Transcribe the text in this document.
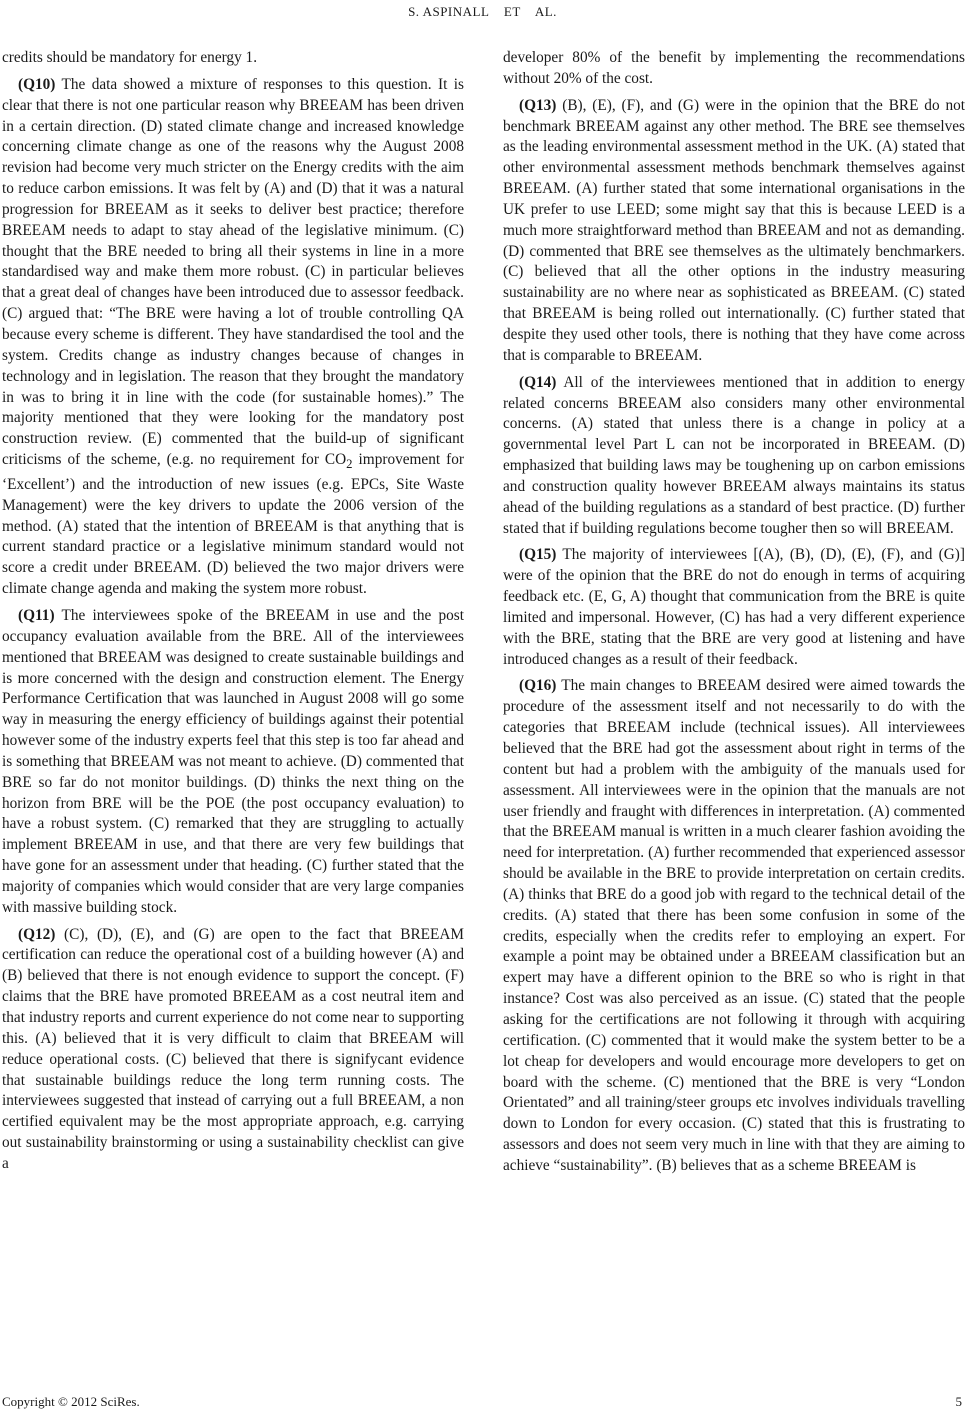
S. ASPINALL    ET    AL.

credits should be mandatory for energy 1.

(Q10) The data showed a mixture of responses to this question. It is clear that there is not one particular reason why BREEAM has been driven in a certain direction. (D) stated climate change and increased knowledge concerning climate change as one of the reasons why the August 2008 revision had become very much stricter on the Energy credits with the aim to reduce carbon emissions. It was felt by (A) and (D) that it was a natural progression for BREEAM as it seeks to deliver best practice; therefore BREEAM needs to adapt to stay ahead of the legislative minimum. (C) thought that the BRE needed to bring all their systems in line in a more standardised way and make them more robust. (C) in particular believes that a great deal of changes have been introduced due to assessor feedback. (C) argued that: “The BRE were having a lot of trouble controlling QA because every scheme is different. They have standardised the tool and the system. Credits change as industry changes because of changes in technology and in legislation. The reason that they brought the mandatory in was to bring it in line with the code (for sustainable homes).” The majority mentioned that they were looking for the mandatory post construction review. (E) commented that the build-up of significant criticisms of the scheme, (e.g. no requirement for $CO_2$ improvement for ‘Excellent’) and the introduction of new issues (e.g. EPCs, Site Waste Management) were the key drivers to update the 2006 version of the method. (A) stated that the intention of BREEAM is that anything that is current standard practice or a legislative minimum standard would not score a credit under BREEAM. (D) believed the two major drivers were climate change agenda and making the system more robust.

(Q11) The interviewees spoke of the BREEAM in use and the post occupancy evaluation available from the BRE. All of the interviewees mentioned that BREEAM was designed to create sustainable buildings and is more concerned with the design and construction element. The Energy Performance Certification that was launched in August 2008 will go some way in measuring the energy efficiency of buildings against their potential however some of the industry experts feel that this step is too far ahead and is something that BREEAM was not meant to achieve. (D) commented that BRE so far do not monitor buildings. (D) thinks the next thing on the horizon from BRE will be the POE (the post occupancy evaluation) to have a robust system. (C) remarked that they are struggling to actually implement BREEAM in use, and that there are very few buildings that have gone for an assessment under that heading. (C) further stated that the majority of companies which would consider that are very large companies with massive building stock.

(Q12) (C), (D), (E), and (G) are open to the fact that BREEAM certification can reduce the operational cost of a building however (A) and (B) believed that there is not enough evidence to support the concept. (F) claims that the BRE have promoted BREEAM as a cost neutral item and that industry reports and current experience do not come near to supporting this. (A) believed that it is very difficult to claim that BREEAM will reduce operational costs. (C) believed that there is signifycant evidence that sustainable buildings reduce the long term running costs. The interviewees suggested that instead of carrying out a full BREEAM, a non certified equivalent may be the most appropriate approach, e.g. carrying out sustainability brainstorming or using a sustainability checklist can give a

developer 80% of the benefit by implementing the recommendations without 20% of the cost.

(Q13) (B), (E), (F), and (G) were in the opinion that the BRE do not benchmark BREEAM against any other method. The BRE see themselves as the leading environmental assessment method in the UK. (A) stated that other environmental assessment methods benchmark themselves against BREEAM. (A) further stated that some international organisations in the UK prefer to use LEED; some might say that this is because LEED is a much more straightforward method than BREEAM and not as demanding. (D) commented that BRE see themselves as the ultimately benchmarkers. (C) believed that all the other options in the industry measuring sustainability are no where near as sophisticated as BREEAM. (C) stated that BREEAM is being rolled out internationally. (C) further stated that despite they used other tools, there is nothing that they have come across that is comparable to BREEAM.

(Q14) All of the interviewees mentioned that in addition to energy related concerns BREEAM also considers many other environmental concerns. (A) stated that unless there is a change in policy at a governmental level Part L can not be incorporated in BREEAM. (D) emphasized that building laws may be toughening up on carbon emissions and construction quality however BREEAM always maintains its status ahead of the building regulations as a standard of best practice. (D) further stated that if building regulations become tougher then so will BREEAM.

(Q15) The majority of interviewees [(A), (B), (D), (E), (F), and (G)] were of the opinion that the BRE do not do enough in terms of acquiring feedback etc. (E, G, A) thought that communication from the BRE is quite limited and impersonal. However, (C) has had a very different experience with the BRE, stating that the BRE are very good at listening and have introduced changes as a result of their feedback.

(Q16) The main changes to BREEAM desired were aimed towards the procedure of the assessment itself and not necessarily to do with the categories that BREEAM include (technical issues). All interviewees believed that the BRE had got the assessment about right in terms of the content but had a problem with the ambiguity of the manuals used for assessment. All interviewees were in the opinion that the manuals are not user friendly and fraught with differences in interpretation. (A) commented that the BREEAM manual is written in a much clearer fashion avoiding the need for interpretation. (A) further recommended that experienced assessor should be available in the BRE to provide interpretation on certain credits. (A) thinks that BRE do a good job with regard to the technical detail of the credits. (A) stated that there has been some confusion in some of the credits, especially when the credits refer to employing an expert. For example a point may be obtained under a BREEAM classification but an expert may have a different opinion to the BRE so who is right in that instance? Cost was also perceived as an issue. (C) stated that the people asking for the certifications are not following it through with acquiring certification. (C) commented that it would make the system better to be a lot cheap for developers and would encourage more developers to get on board with the scheme. (C) mentioned that the BRE is very “London Orientated” and all training/steer groups etc involves individuals travelling down to London for every occasion. (C) stated that this is frustrating to assessors and does not seem very much in line with that they are aiming to achieve “sustainability”. (B) believes that as a scheme BREEAM is

Copyright © 2012 SciRes.	5
